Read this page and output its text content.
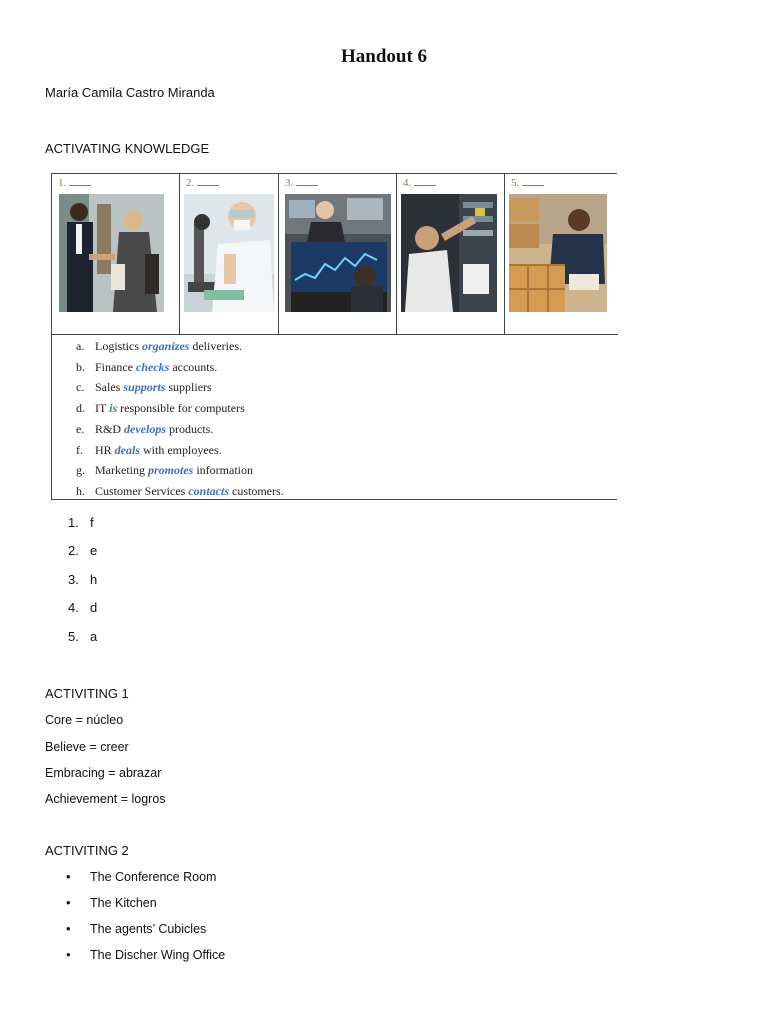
Handout 6
María Camila Castro Miranda
ACTIVATING KNOWLEDGE
1.	2.	3.	4.	5.
a. Logistics organizes deliveries.
b. Finance checks accounts.
c. Sales supports suppliers
d. IT is responsible for computers
e. R&D develops products.
f. HR deals with employees.
g. Marketing promotes information
h. Customer Services contacts customers.
1. f
2. e
3. h
4. d
5. a
ACTIVITING 1
Core = núcleo
Believe = creer
Embracing = abrazar
Achievement = logros
ACTIVITING 2
• The Conference Room
• The Kitchen
• The agents’ Cubicles
• The Discher Wing Office
